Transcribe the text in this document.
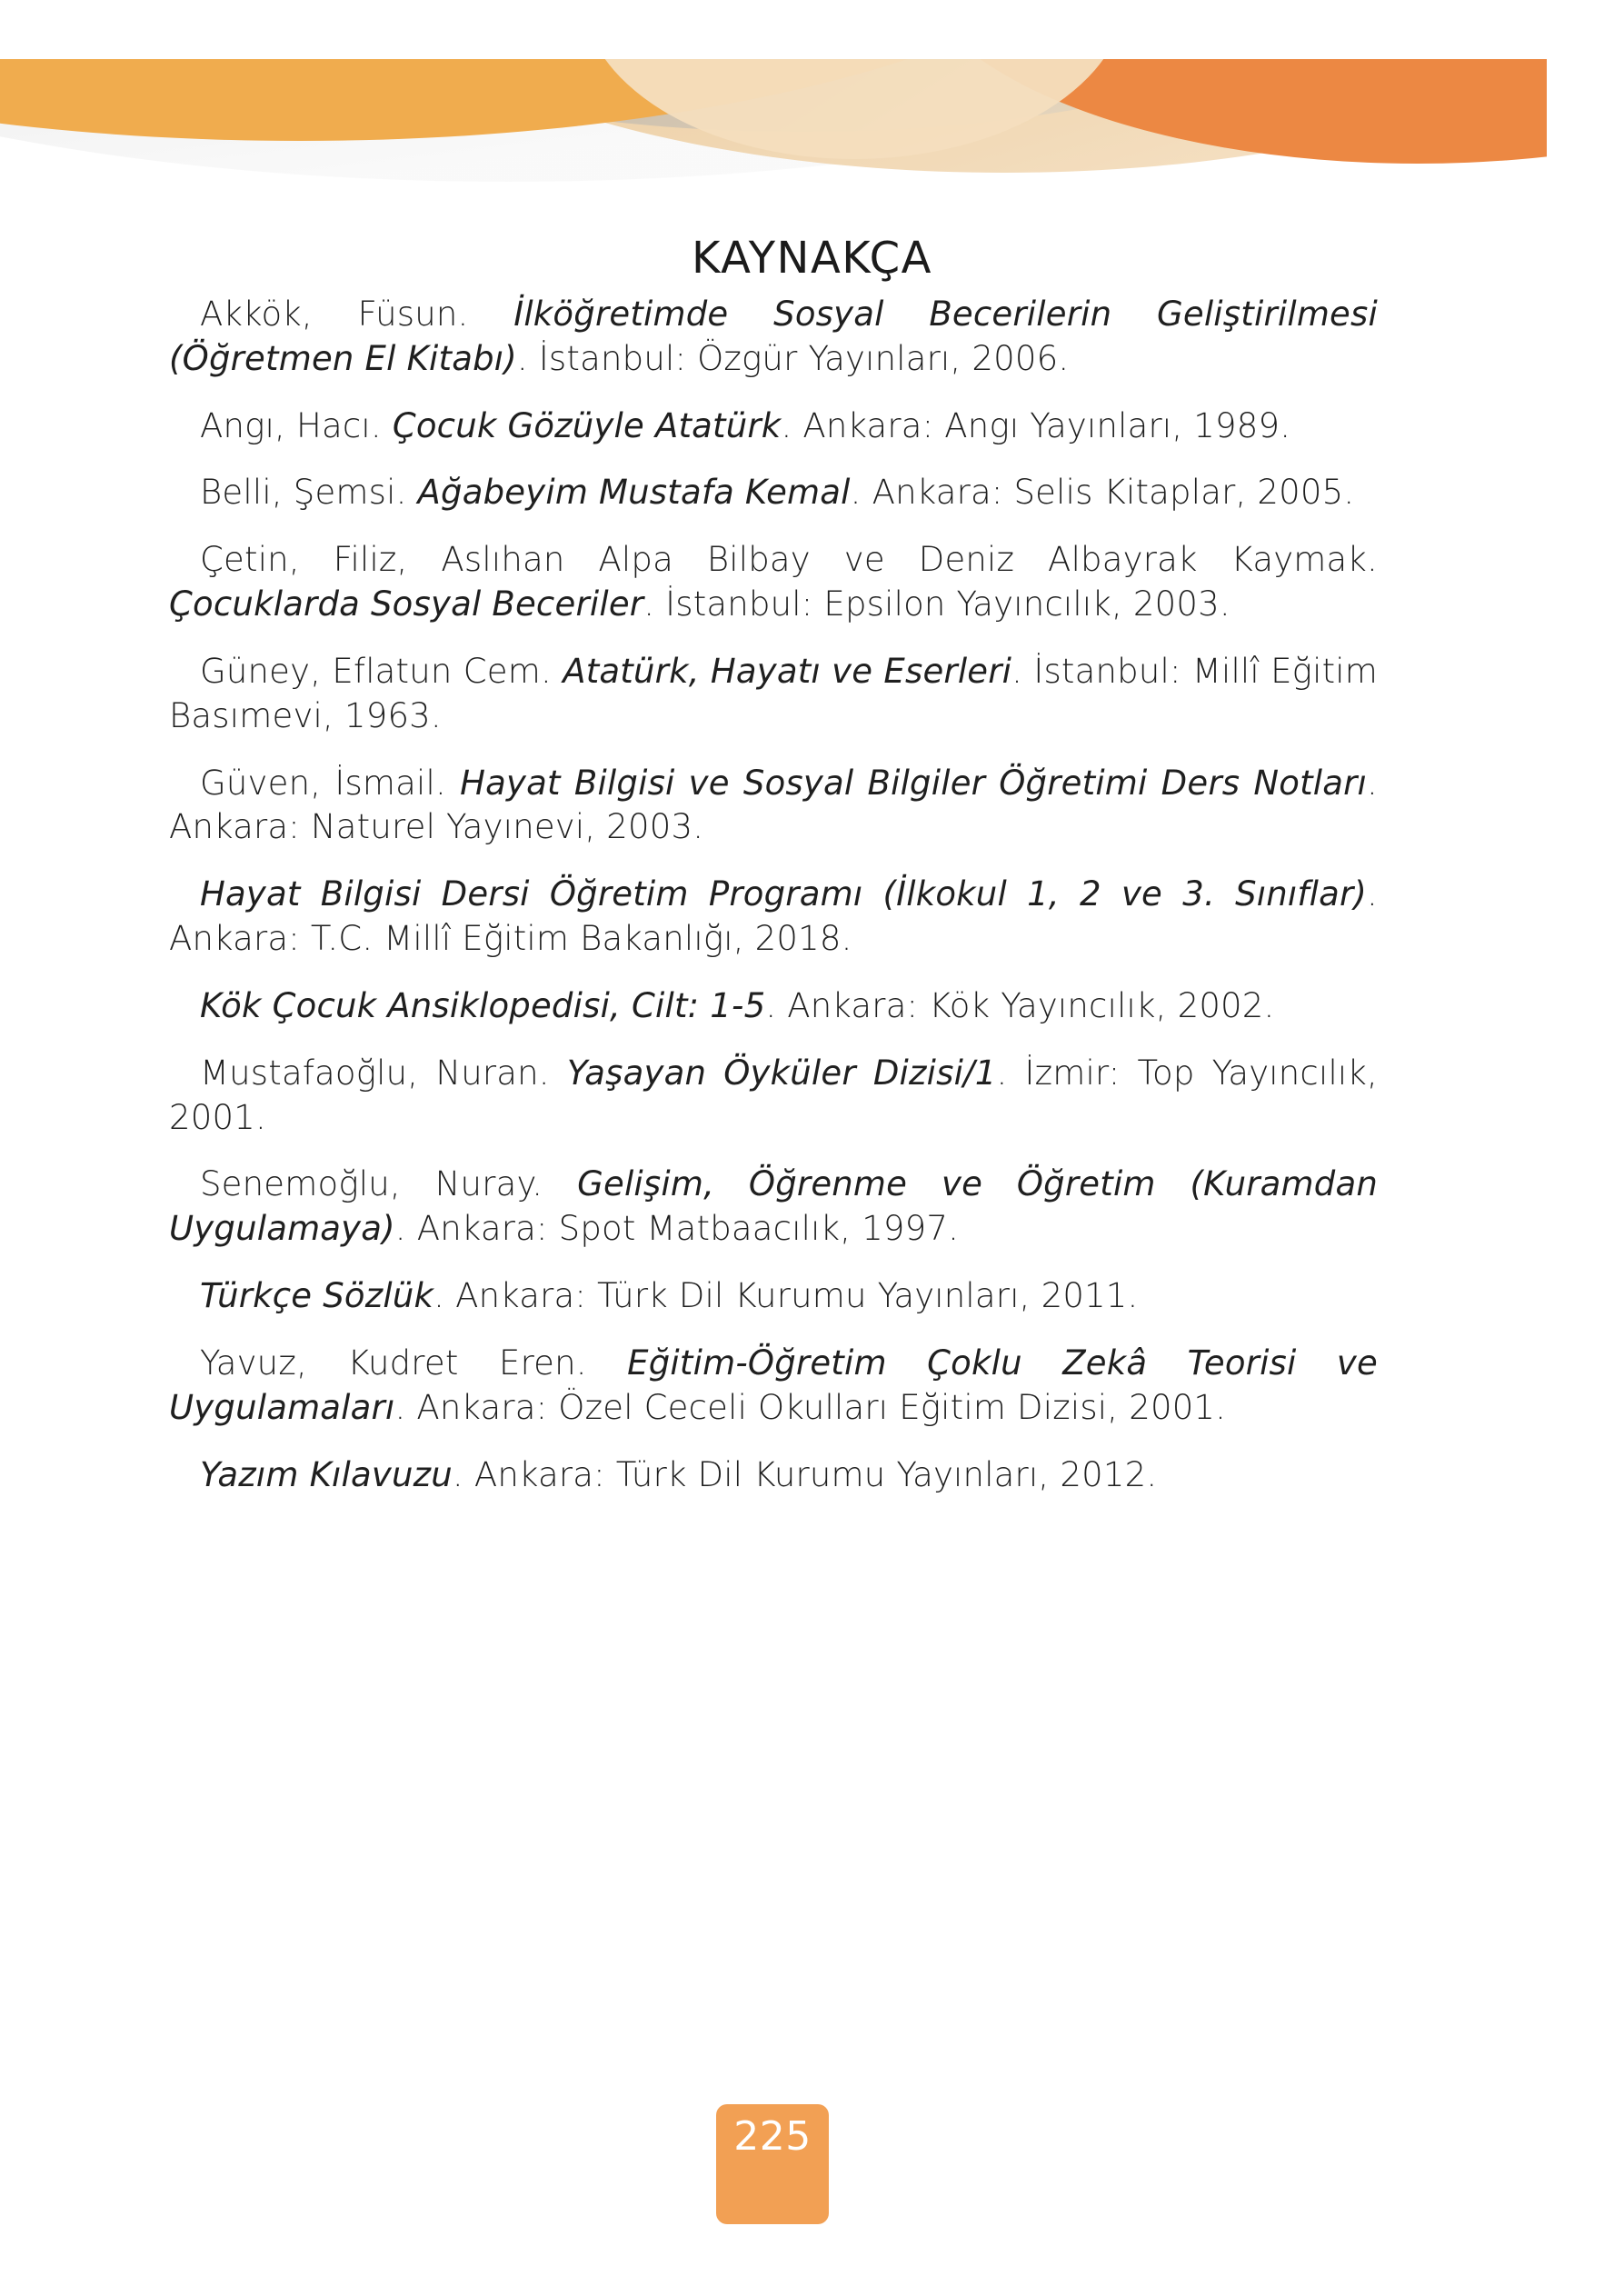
KAYNAKÇA

Akkök, Füsun. İlköğretimde Sosyal Becerilerin Geliştirilmesi (Öğretmen El Kitabı). İstanbul: Özgür Yayınları, 2006.

Angı, Hacı. Çocuk Gözüyle Atatürk. Ankara: Angı Yayınları, 1989.

Belli, Şemsi. Ağabeyim Mustafa Kemal. Ankara: Selis Kitaplar, 2005.

Çetin, Filiz, Aslıhan Alpa Bilbay ve Deniz Albayrak Kaymak. Çocuklarda Sosyal Beceriler. İstanbul: Epsilon Yayıncılık, 2003.

Güney, Eflatun Cem. Atatürk, Hayatı ve Eserleri. İstanbul: Millî Eğitim Basımevi, 1963.

Güven, İsmail. Hayat Bilgisi ve Sosyal Bilgiler Öğretimi Ders Notları. Ankara: Naturel Yayınevi, 2003.

Hayat Bilgisi Dersi Öğretim Programı (İlkokul 1, 2 ve 3. Sınıflar). Ankara: T.C. Millî Eğitim Bakanlığı, 2018.

Kök Çocuk Ansiklopedisi, Cilt: 1-5. Ankara: Kök Yayıncılık, 2002.

Mustafaoğlu, Nuran. Yaşayan Öyküler Dizisi/1. İzmir: Top Yayıncılık, 2001.

Senemoğlu, Nuray. Gelişim, Öğrenme ve Öğretim (Kuramdan Uygulamaya). Ankara: Spot Matbaacılık, 1997.

Türkçe Sözlük. Ankara: Türk Dil Kurumu Yayınları, 2011.

Yavuz, Kudret Eren. Eğitim-Öğretim Çoklu Zekâ Teorisi ve Uygulamaları. Ankara: Özel Ceceli Okulları Eğitim Dizisi, 2001.

Yazım Kılavuzu. Ankara: Türk Dil Kurumu Yayınları, 2012.

225
